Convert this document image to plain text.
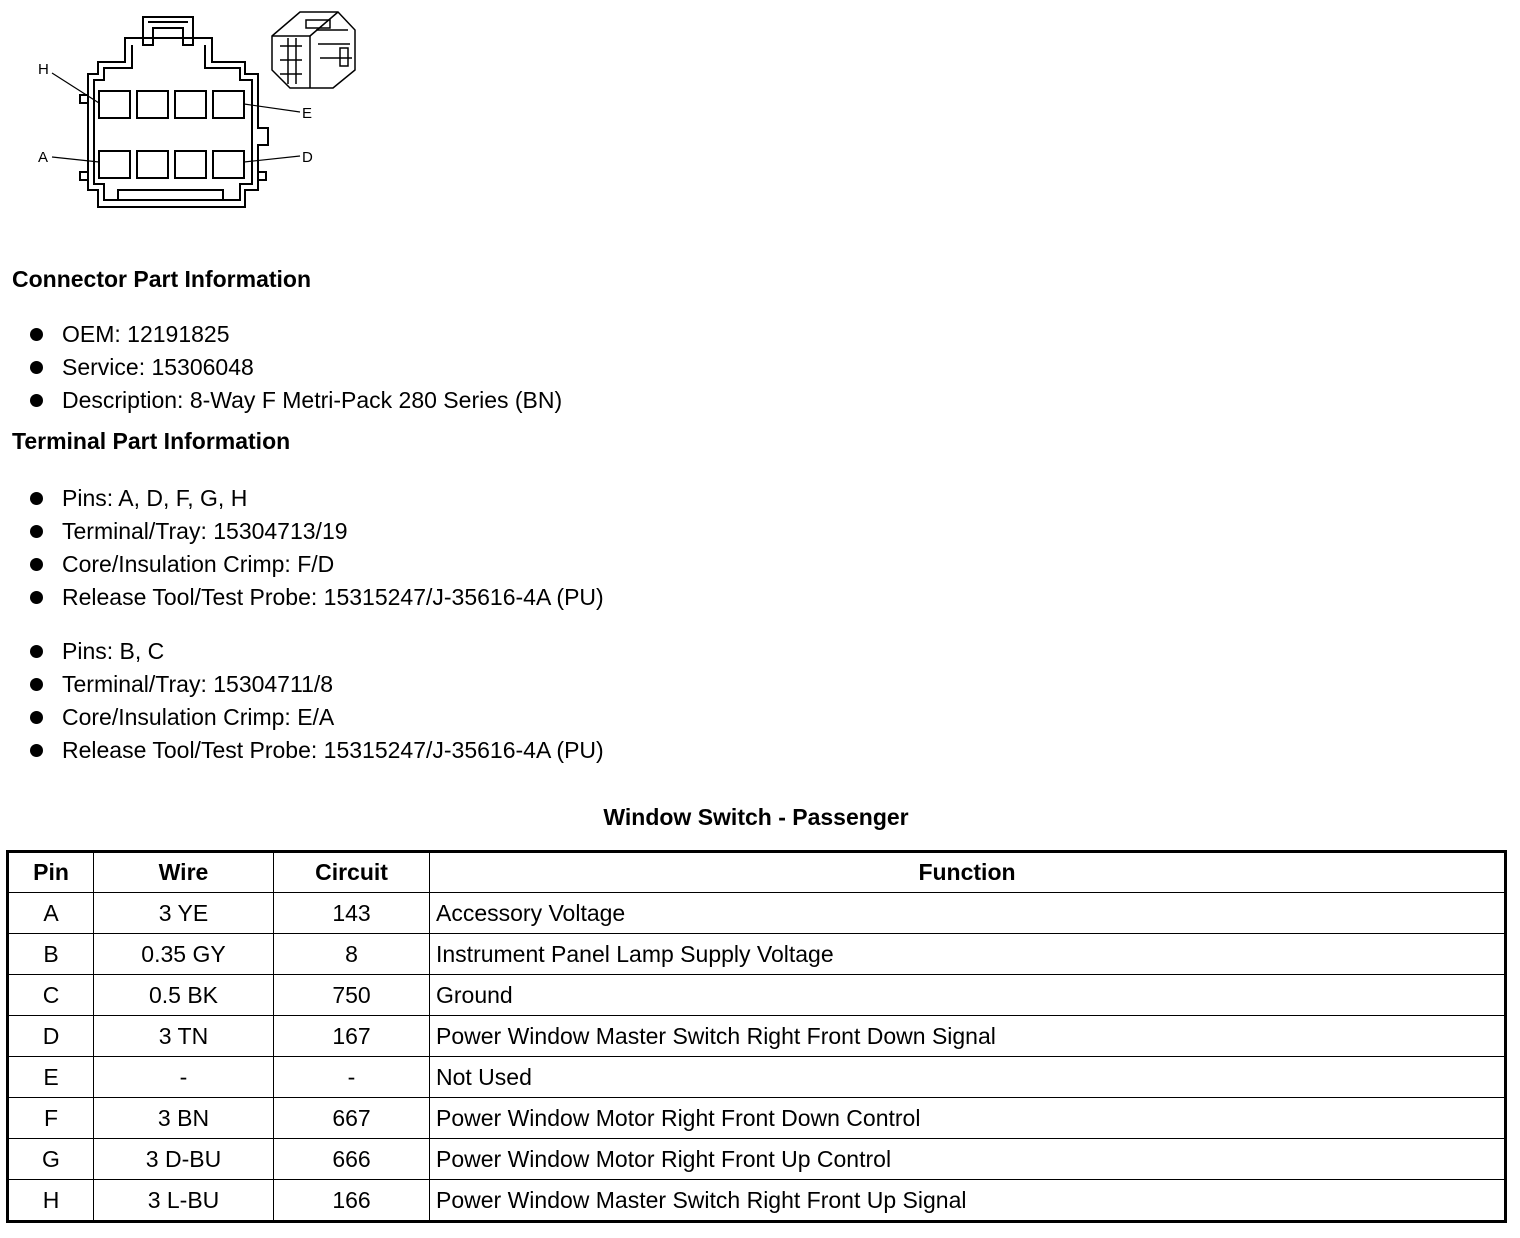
H
A
E
D
Connector Part Information
OEM: 12191825
Service: 15306048
Description: 8-Way F Metri-Pack 280 Series (BN)
Terminal Part Information
Pins: A, D, F, G, H
Terminal/Tray: 15304713/19
Core/Insulation Crimp: F/D
Release Tool/Test Probe: 15315247/J-35616-4A (PU)
Pins: B, C
Terminal/Tray: 15304711/8
Core/Insulation Crimp: E/A
Release Tool/Test Probe: 15315247/J-35616-4A (PU)
Window Switch - Passenger
Pin	Wire	Circuit	Function
A	3 YE	143	Accessory Voltage
B	0.35 GY	8	Instrument Panel Lamp Supply Voltage
C	0.5 BK	750	Ground
D	3 TN	167	Power Window Master Switch Right Front Down Signal
E	-	-	Not Used
F	3 BN	667	Power Window Motor Right Front Down Control
G	3 D-BU	666	Power Window Motor Right Front Up Control
H	3 L-BU	166	Power Window Master Switch Right Front Up Signal
